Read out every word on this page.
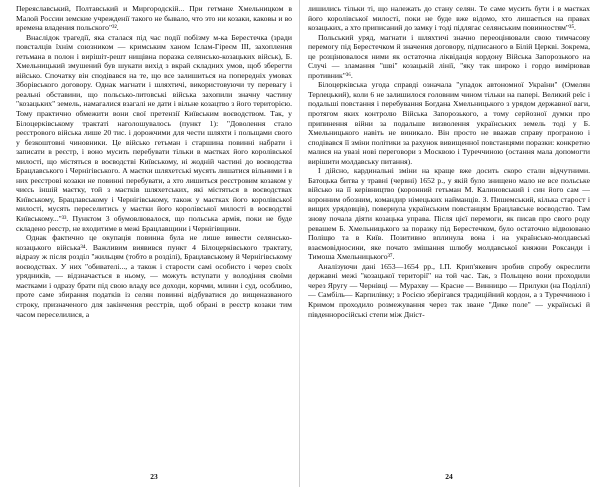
Переяславський, Полтавський и Миргородскій... При гетмане Хмельницком в Малой России земские учрежденії такого не бывало, что это ни козаки, каковы и во времена владения польского"³².

Внаслідок трагедії, яка сталася під час події побізму м-ка Берестечка (зради повсталців їхнім союзником — кримським ханом Іслам-Гіреєм III, захоплення гетьмана в полон і вирішіт-решт нищівна поразка селянсько-козацьких військ), Б. Хмельницький змушений був шукати вихід з вкрай складних умов, щоб зберегти військо. Спочатку він сподівався на те, що все залишиться на попередніх умовах Зборівського договору. Однак магнати і шляхтичі, використовуючи ту перевагу і реальні обставини, що польсько-литовські війська захопили значну частину "козацьких" земель, намагалися взагалі не дати і вільне козацтво з його територією. Тому практично обмежити вони свої претензії Київським воєводством. Так, у Білоцерківському трактаті наголошувалось (пункт 1): "Доволення стало реєстрового війська лише 20 тис. і дорожчими для чести шляхти і польщами свого у безкоштовні чиновники. Це військо гетьман і старшина повинні набрати і записати в реєстр, і воно мусить перебувати тільки в маєтках його королівської милості, що містяться в воєводстві Київському, ні жодній частині до воєводства Брацлавського і Чернігівського. А маєтки шляхетські мусять лишатися вільними і в них реєстрові козаки не повинні перебувати, а хто лишиться реєстровим козаком у чиєсь іншій маєтку, той з маєтків шляхетських, які містяться в воєводствах Київському, Брацлавському і Чернігівському, також у маєтках його королівської милості, мусять переселитись у маєтки його королівської милості в воєводстві Київському..."³³. Пунктом 3 обумовлювалося, що польська армія, поки не буде складено реєстр, не входитиме в межі Брацлавщини і Чернігівщини.

Однак фактично це окупація повинна була не лише вивести селянсько-козацького війська³⁴. Важливим виявився пункт 4 Білоцерківського трактату, відразу ж після розділ "жильцям (тобто в розділі), Брацлавському й Чернігівському воєводствах. У них "обивателі..., а також і старости самі особисто і через своїх урядників, — відзначається в ньому, — можуть вступати у володіння своїми маєтками і одразу брати під свою владу все доходи, корчми, млини і суд, особливо, проте саме збирання податків із селян повинні відбуватися до вищеназваного строку, призначеного для закінчення реєстрів, щоб обрані в реєстр козаки тим часом переселилися, а

23

лишились тільки ті, що належать до стану селян. Те саме мусить бути і в маєтках його королівської милості, поки не буде вже відомо, хто лишається на правах козацьких, а хто приписаний до замку і тоді підлягає селянським повинностям"³⁵.

Польський уряд, магнати і шляхтичі значно переоцінювали свою тимчасову перемогу під Берестечком й значення договору, підписаного в Білій Церкві. Зокрема, це розцінювалося ними як остаточна ліквідація кордону Війська Запорозького на Случі — зламання "шві" козацькій лінії, "яку так широко і гордо вимірював противник"³⁶.

Білоцерківська угода справді означала "упадок автономної України" (Омелян Терлецький), коли 6 не залишилося головним чином тільки на папері. Великий реїс і подальші повстання і перебування Богдана Хмельницького з урядом державної ваги, протягом яких контролю Війська Запорозького, а тому серйозної думки про припинення війни за подальше визволення українських земель тоді у Б. Хмельницького навіть не виникало. Він просто не вважав справу програною і сподівався її зміни політики за рахунок вивищенної повстанцями поразки: конкретно малися на увазі нові переговори з Москвою і Туреччиною (остання мала допомогти вирішити молдавську питання).

І дійсно, кардинальні зміни на краще вже досить скоро стали відчутними. Батоцька битва у травні (червні) 1652 р., у якій було знищено мало не все польське військо на її керівництво (коронний гетьман М. Калиновський і син його сам — коронним обозним, командир німецьких найманців. З. Пишемський, кілька старост і вищих урядовців), повернула українським повстанцям Брацлавське воєводство. Там знову почала діяти козацька управа. Після цієї перемоги, як писав про свого роду ревашем Б. Хмельницького за поразку під Берестечком, було остаточно відвоювано Поліщю та в Київ. Позитивно вплинула вона і на українсько-молдавські взаємовідносини, яке почато змішання шлюбу молдавської княжни Роксанди і Тимоша Хмельницького³⁷.

Аналізуючи дані 1653—1654 рр., І.П. Крип'якевич зробив спробу окреслити державні межі "козацької території" на той час. Так, з Польщею вони проходили через Яругу — Чернівці — Мурахву — Красне — Винницю — Прилуки (на Поділлі) — Самбіль— Карпилівку; з Росією зберігався традиційний кордон, а з Туреччиною і Кримом проходило розмежування через так зване "Дике поле" — українські й південноросійські степи між Дніст-

24
